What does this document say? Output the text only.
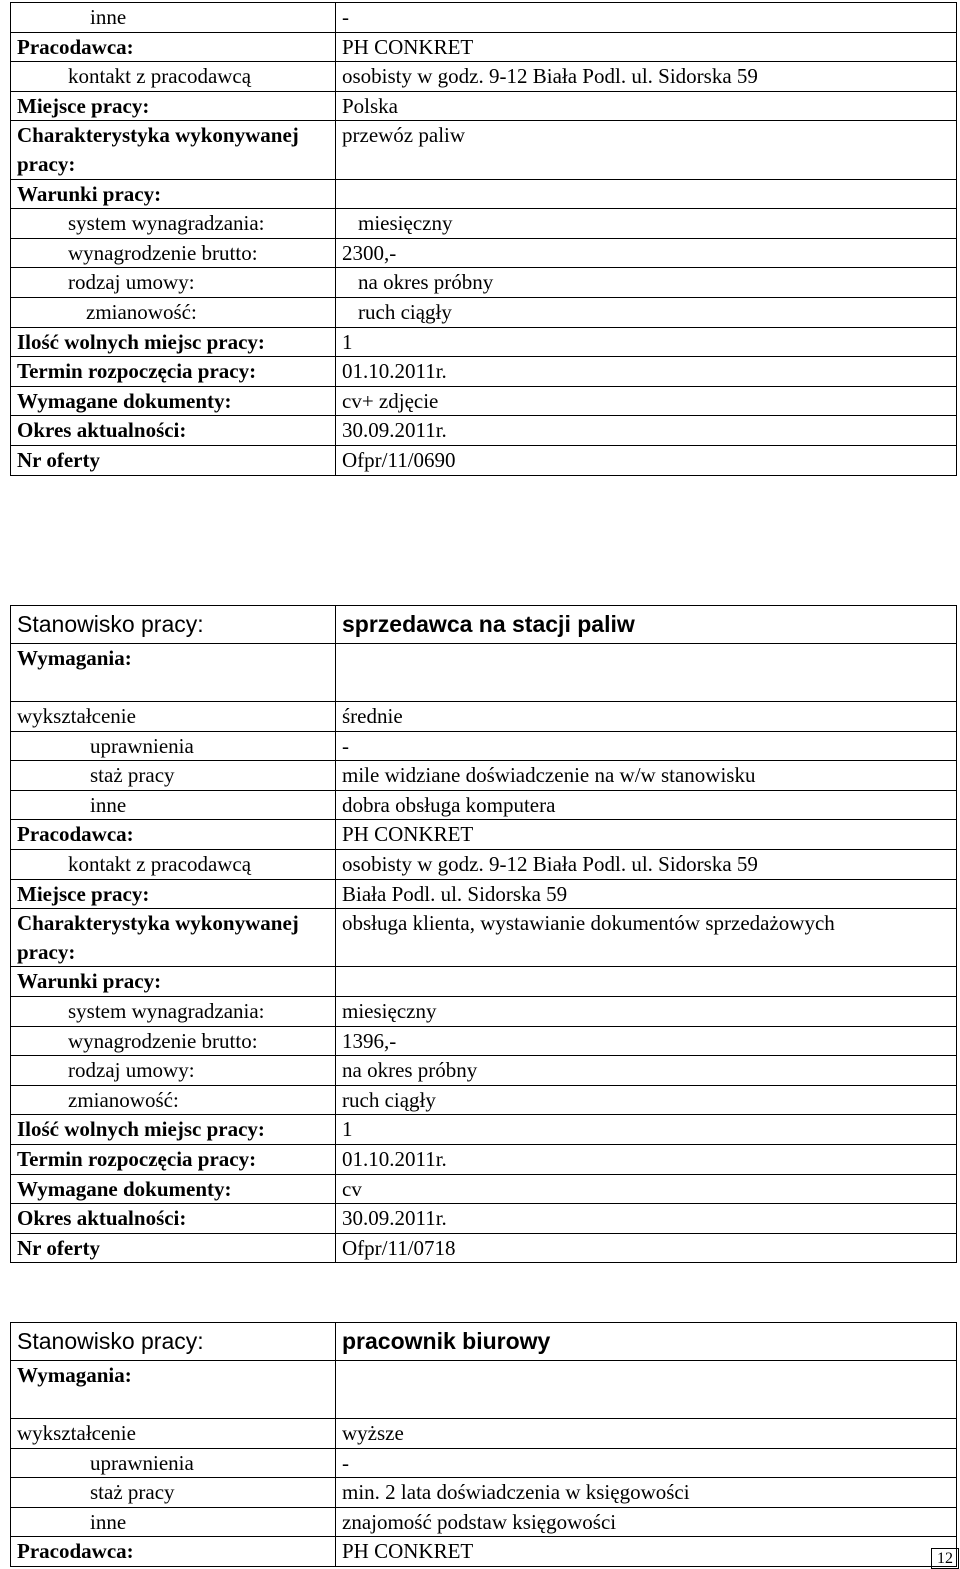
inne	-
Pracodawca:	PH CONKRET
kontakt z pracodawcą	osobisty w godz. 9-12 Biała Podl. ul. Sidorska 59
Miejsce pracy:	Polska
Charakterystyka wykonywanej pracy:	przewóz paliw
Warunki pracy:	
system wynagradzania:	miesięczny
wynagrodzenie brutto:	2300,-
rodzaj umowy:	na okres próbny
zmianowość:	ruch ciągły
Ilość wolnych miejsc pracy:	1
Termin rozpoczęcia pracy:	01.10.2011r.
Wymagane dokumenty:	cv+ zdjęcie
Okres aktualności:	30.09.2011r.
Nr oferty	Ofpr/11/0690
Stanowisko pracy:	sprzedawca na stacji paliw
Wymagania:	
wykształcenie	średnie
uprawnienia	-
staż pracy	mile widziane doświadczenie na w/w stanowisku
inne	dobra obsługa komputera
Pracodawca:	PH CONKRET
kontakt z pracodawcą	osobisty w godz. 9-12 Biała Podl. ul. Sidorska 59
Miejsce pracy:	Biała Podl. ul. Sidorska 59
Charakterystyka wykonywanej pracy:	obsługa klienta, wystawianie dokumentów sprzedażowych
Warunki pracy:	
system wynagradzania:	miesięczny
wynagrodzenie brutto:	1396,-
rodzaj umowy:	na okres próbny
zmianowość:	ruch ciągły
Ilość wolnych miejsc pracy:	1
Termin rozpoczęcia pracy:	01.10.2011r.
Wymagane dokumenty:	cv
Okres aktualności:	30.09.2011r.
Nr oferty	Ofpr/11/0718
Stanowisko pracy:	pracownik biurowy
Wymagania:	
wykształcenie	wyższe
uprawnienia	-
staż pracy	min. 2 lata doświadczenia w księgowości
inne	znajomość podstaw księgowości
Pracodawca:	PH CONKRET	12
